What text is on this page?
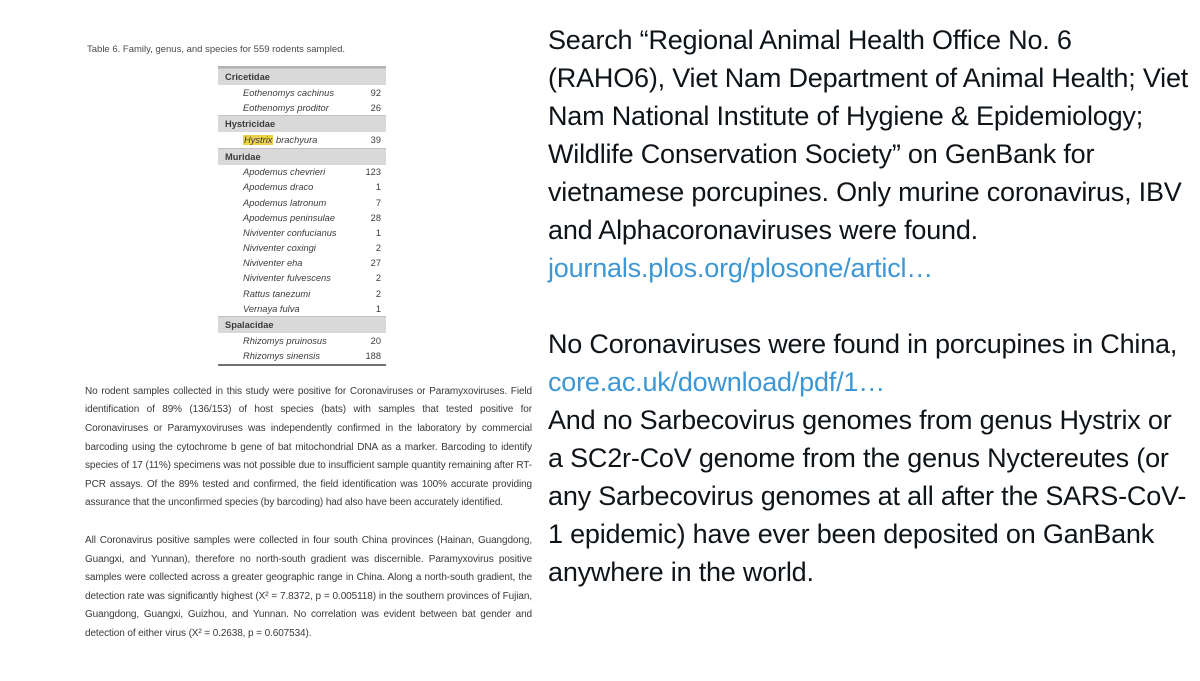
Table 6. Family, genus, and species for 559 rodents sampled.

Cricetidae
Eothenomys cachinus	92
Eothenomys proditor	26
Hystricidae
Hystrix brachyura	39
Muridae
Apodemus chevrieri	123
Apodemus draco	1
Apodemus latronum	7
Apodemus peninsulae	28
Niviventer confucianus	1
Niviventer coxingi	2
Niviventer eha	27
Niviventer fulvescens	2
Rattus tanezumi	2
Vernaya fulva	1
Spalacidae
Rhizomys pruinosus	20
Rhizomys sinensis	188

No rodent samples collected in this study were positive for Coronaviruses or Paramyxoviruses. Field identification of 89% (136/153) of host species (bats) with samples that tested positive for Coronaviruses or Paramyxoviruses was independently confirmed in the laboratory by commercial barcoding using the cytochrome b gene of bat mitochondrial DNA as a marker. Barcoding to identify species of 17 (11%) specimens was not possible due to insufficient sample quantity remaining after RT-PCR assays. Of the 89% tested and confirmed, the field identification was 100% accurate providing assurance that the unconfirmed species (by barcoding) had also have been accurately identified.

All Coronavirus positive samples were collected in four south China provinces (Hainan, Guangdong, Guangxi, and Yunnan), therefore no north-south gradient was discernible. Paramyxovirus positive samples were collected across a greater geographic range in China. Along a north-south gradient, the detection rate was significantly highest (X² = 7.8372, p = 0.005118) in the southern provinces of Fujian, Guangdong, Guangxi, Guizhou, and Yunnan. No correlation was evident between bat gender and detection of either virus (X² = 0.2638, p = 0.607534).

Search “Regional Animal Health Office No. 6 (RAHO6), Viet Nam Department of Animal Health; Viet Nam National Institute of Hygiene & Epidemiology; Wildlife Conservation Society” on GenBank for vietnamese porcupines. Only murine coronavirus, IBV and Alphacoronaviruses were found.

journals.plos.org/plosone/articl…

No Coronaviruses were found in porcupines in China,

core.ac.uk/download/pdf/1…

And no Sarbecovirus genomes from genus Hystrix or a SC2r-CoV genome from the genus Nyctereutes (or any Sarbecovirus genomes at all after the SARS-CoV-1 epidemic) have ever been deposited on GanBank anywhere in the world.
